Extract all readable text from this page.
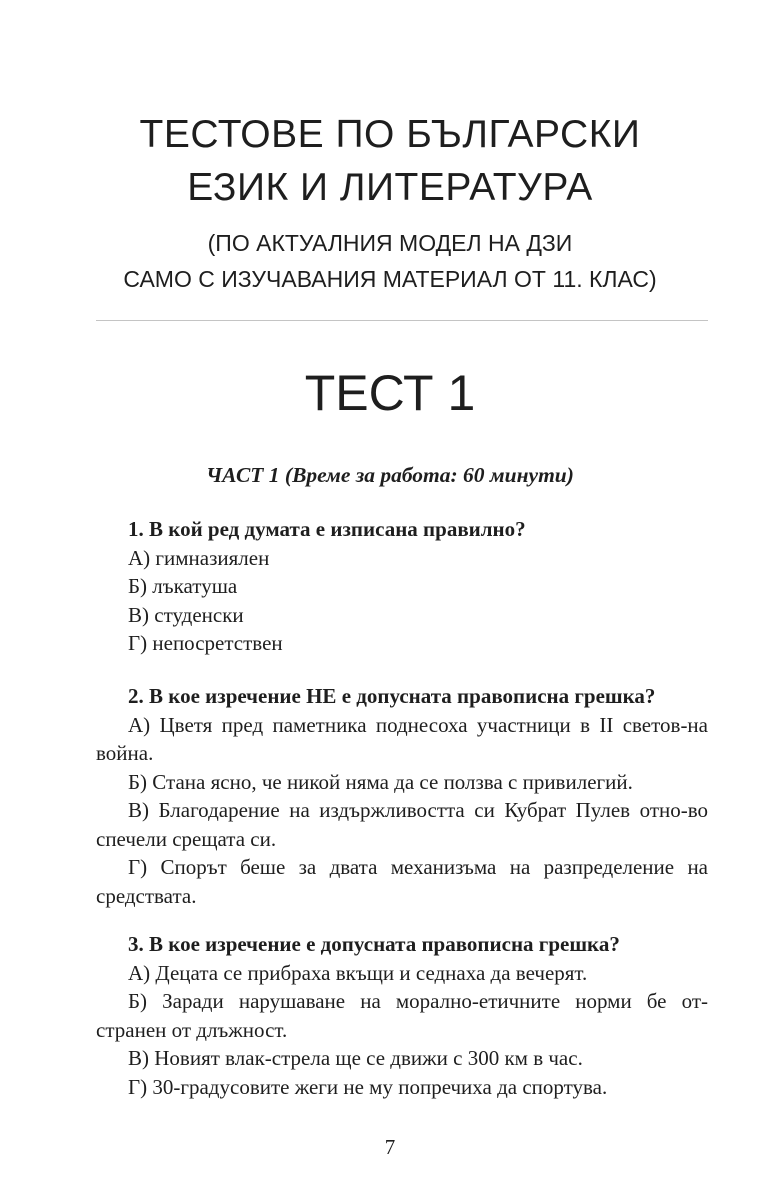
ТЕСТОВЕ ПО БЪЛГАРСКИ
ЕЗИК И ЛИТЕРАТУРА
(ПО АКТУАЛНИЯ МОДЕЛ НА ДЗИ
САМО С ИЗУЧАВАНИЯ МАТЕРИАЛ ОТ 11. КЛАС)
ТЕСТ 1
ЧАСТ 1 (Време за работа: 60 минути)

1. В кой ред думата е изписана правилно?

А) гимназиялен

Б) лъкатуша

В) студенски

Г) непосретствен

2. В кое изречение НЕ е допусната правописна грешка?

А) Цветя пред паметника поднесоха участници в II светов-на война.

Б) Стана ясно, че никой няма да се ползва с привилегий.

В) Благодарение на издържливостта си Кубрат Пулев отно-во спечели срещата си.

Г) Спорът беше за двата механизъма на разпределение на средствата.

3. В кое изречение е допусната правописна грешка?

А) Децата се прибраха вкъщи и седнаха да вечерят.

Б) Заради нарушаване на морално-етичните норми бе от-странен от длъжност.

В) Новият влак-стрела ще се движи с 300 км в час.

Г) 30-градусовите жеги не му попречиха да спортува.

7
